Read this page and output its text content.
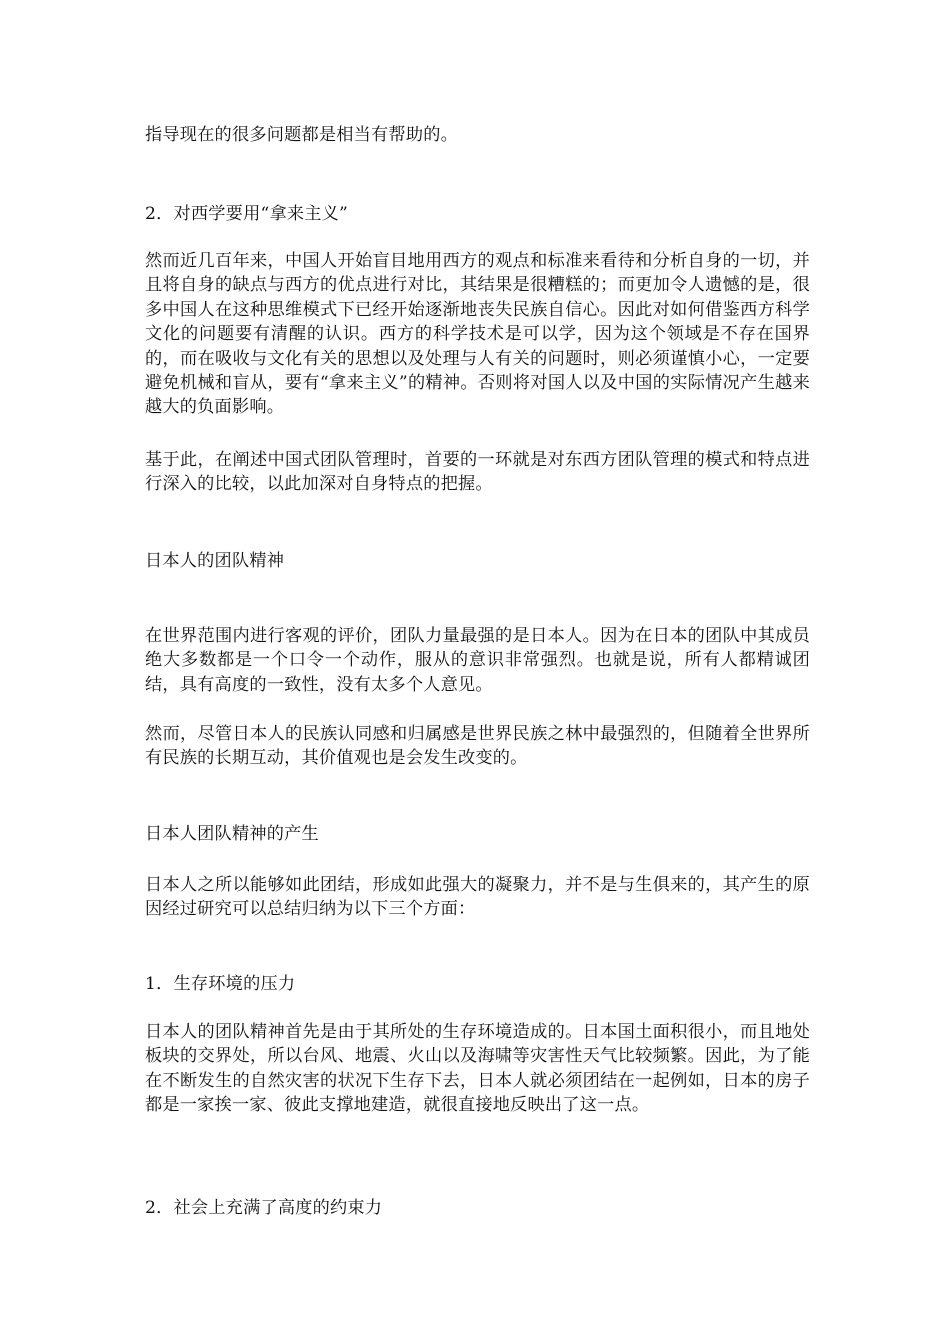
指导现在的很多问题都是相当有帮助的。

2．对西学要用“拿来主义”

然而近几百年来，中国人开始盲目地用西方的观点和标准来看待和分析自身的一切，并且将自身的缺点与西方的优点进行对比，其结果是很糟糕的；而更加令人遗憾的是，很多中国人在这种思维模式下已经开始逐渐地丧失民族自信心。因此对如何借鉴西方科学文化的问题要有清醒的认识。西方的科学技术是可以学，因为这个领域是不存在国界的，而在吸收与文化有关的思想以及处理与人有关的问题时，则必须谨慎小心，一定要避免机械和盲从，要有“拿来主义”的精神。否则将对国人以及中国的实际情况产生越来越大的负面影响。

基于此，在阐述中国式团队管理时，首要的一环就是对东西方团队管理的模式和特点进行深入的比较，以此加深对自身特点的把握。

日本人的团队精神

在世界范围内进行客观的评价，团队力量最强的是日本人。因为在日本的团队中其成员绝大多数都是一个口令一个动作，服从的意识非常强烈。也就是说，所有人都精诚团结，具有高度的一致性，没有太多个人意见。

然而，尽管日本人的民族认同感和归属感是世界民族之林中最强烈的，但随着全世界所有民族的长期互动，其价值观也是会发生改变的。

日本人团队精神的产生

日本人之所以能够如此团结，形成如此强大的凝聚力，并不是与生俱来的，其产生的原因经过研究可以总结归纳为以下三个方面：

1．生存环境的压力

日本人的团队精神首先是由于其所处的生存环境造成的。日本国土面积很小，而且地处板块的交界处，所以台风、地震、火山以及海啸等灾害性天气比较频繁。因此，为了能在不断发生的自然灾害的状况下生存下去，日本人就必须团结在一起例如，日本的房子都是一家挨一家、彼此支撑地建造，就很直接地反映出了这一点。

2．社会上充满了高度的约束力
